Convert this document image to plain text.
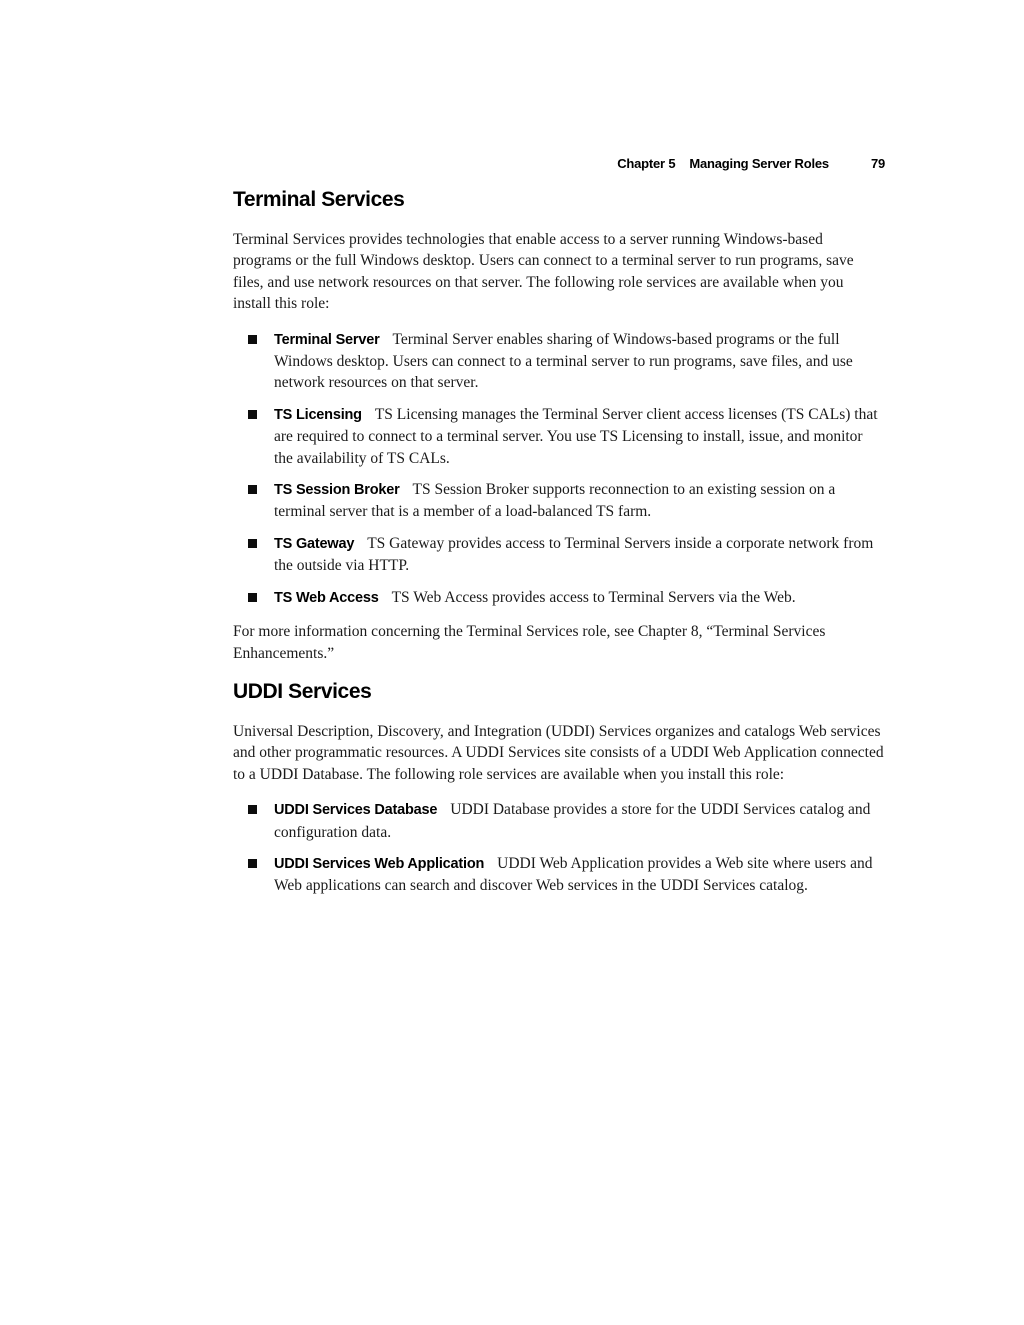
Chapter 5 Managing Server Roles	79
Terminal Services

Terminal Services provides technologies that enable access to a server running Windows-based programs or the full Windows desktop. Users can connect to a terminal server to run programs, save files, and use network resources on that server. The following role services are available when you install this role:

Terminal Server Terminal Server enables sharing of Windows-based programs or the full Windows desktop. Users can connect to a terminal server to run programs, save files, and use network resources on that server.
TS Licensing TS Licensing manages the Terminal Server client access licenses (TS CALs) that are required to connect to a terminal server. You use TS Licensing to install, issue, and monitor the availability of TS CALs.
TS Session Broker TS Session Broker supports reconnection to an existing session on a terminal server that is a member of a load-balanced TS farm.
TS Gateway TS Gateway provides access to Terminal Servers inside a corporate network from the outside via HTTP.
TS Web Access TS Web Access provides access to Terminal Servers via the Web.

For more information concerning the Terminal Services role, see Chapter 8, “Terminal Services Enhancements.”

UDDI Services

Universal Description, Discovery, and Integration (UDDI) Services organizes and catalogs Web services and other programmatic resources. A UDDI Services site consists of a UDDI Web Application connected to a UDDI Database. The following role services are available when you install this role:

UDDI Services Database UDDI Database provides a store for the UDDI Services catalog and configuration data.
UDDI Services Web Application UDDI Web Application provides a Web site where users and Web applications can search and discover Web services in the UDDI Services catalog.
